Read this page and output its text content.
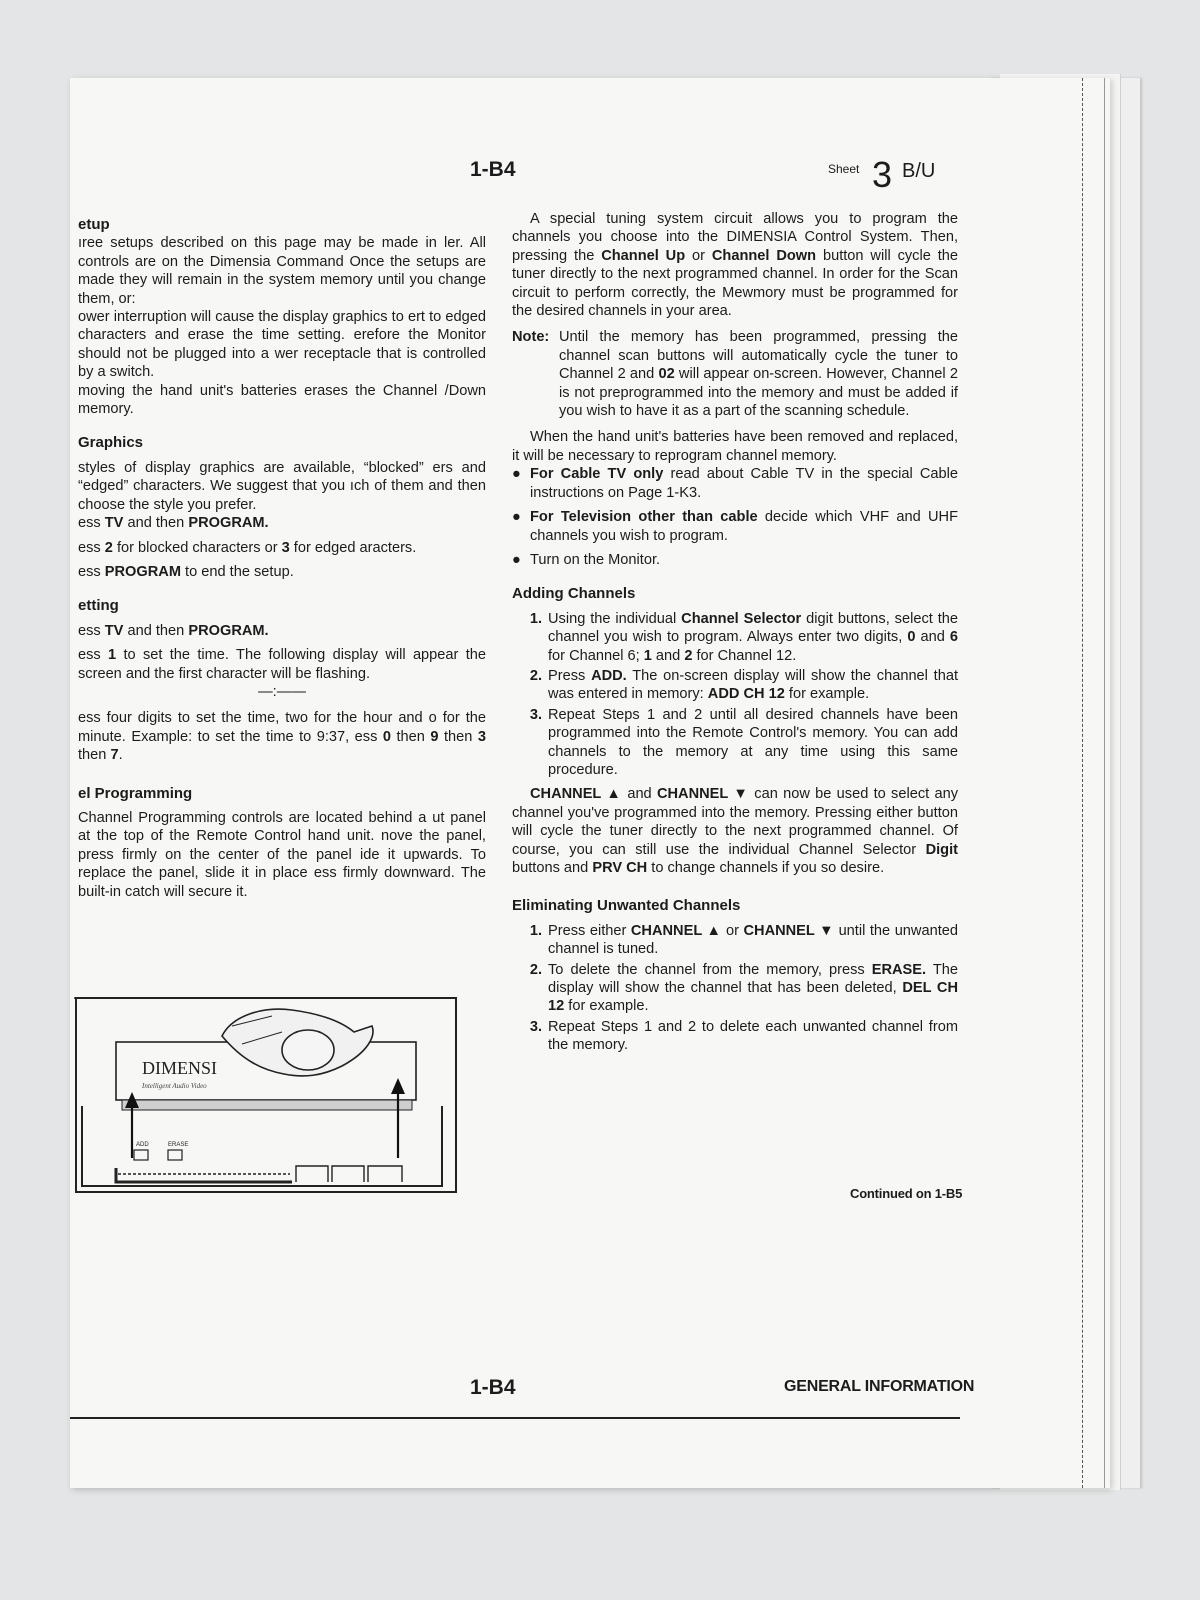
1-B4	Sheet 3 B/U
etup

ıree setups described on this page may be made in ler. All controls are on the Dimensia Command Once the setups are made they will remain in the system memory until you change them, or:

ower interruption will cause the display graphics to ert to edged characters and erase the time setting. erefore the Monitor should not be plugged into a wer receptacle that is controlled by a switch.

moving the hand unit's batteries erases the Channel /Down memory.

Graphics

styles of display graphics are available, “blocked” ers and “edged” characters. We suggest that you ıch of them and then choose the style you prefer.

ess TV and then PROGRAM.

ess 2 for blocked characters or 3 for edged aracters.

ess PROGRAM to end the setup.

etting

ess TV and then PROGRAM.

ess 1 to set the time. The following display will appear the screen and the first character will be flashing.

—:——

ess four digits to set the time, two for the hour and o for the minute. Example: to set the time to 9:37, ess 0 then 9 then 3 then 7.

el Programming

Channel Programming controls are located behind a ut panel at the top of the Remote Control hand unit. nove the panel, press firmly on the center of the panel ide it upwards. To replace the panel, slide it in place ess firmly downward. The built-in catch will secure it.

DIMENSI
Intelligent Audio Video
ADD	ERASE

A special tuning system circuit allows you to program the channels you choose into the DIMENSIA Control System. Then, pressing the Channel Up or Channel Down button will cycle the tuner directly to the next programmed channel. In order for the Scan circuit to perform correctly, the Mewmory must be programmed for the desired channels in your area.

Note: Until the memory has been programmed, pressing the channel scan buttons will automatically cycle the tuner to Channel 2 and 02 will appear on-screen. However, Channel 2 is not preprogrammed into the memory and must be added if you wish to have it as a part of the scanning schedule.

When the hand unit's batteries have been removed and replaced, it will be necessary to reprogram channel memory.

● For Cable TV only read about Cable TV in the special Cable instructions on Page 1-K3.
● For Television other than cable decide which VHF and UHF channels you wish to program.
● Turn on the Monitor.
Adding Channels
1. Using the individual Channel Selector digit buttons, select the channel you wish to program. Always enter two digits, 0 and 6 for Channel 6; 1 and 2 for Channel 12.
2. Press ADD. The on-screen display will show the channel that was entered in memory: ADD CH 12 for example.
3. Repeat Steps 1 and 2 until all desired channels have been programmed into the Remote Control's memory. You can add channels to the memory at any time using this same procedure.

CHANNEL ▲ and CHANNEL ▼ can now be used to select any channel you've programmed into the memory. Pressing either button will cycle the tuner directly to the next programmed channel. Of course, you can still use the individual Channel Selector Digit buttons and PRV CH to change channels if you so desire.

Eliminating Unwanted Channels
1. Press either CHANNEL ▲ or CHANNEL ▼ until the unwanted channel is tuned.
2. To delete the channel from the memory, press ERASE. The display will show the channel that has been deleted, DEL CH 12 for example.
3. Repeat Steps 1 and 2 to delete each unwanted channel from the memory.
Continued on 1-B5
1-B4	GENERAL INFORMATION
